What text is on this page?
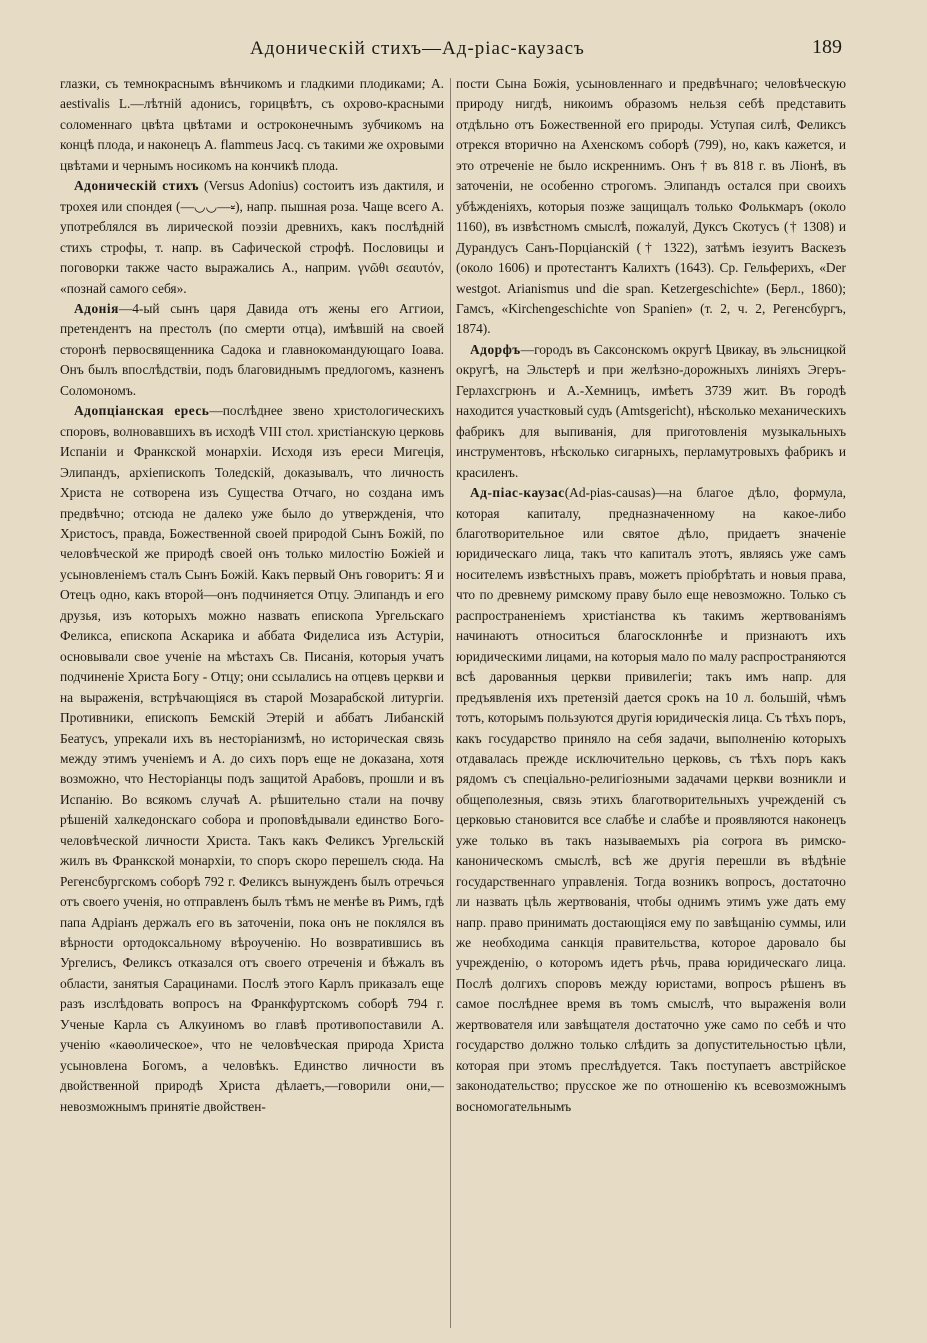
Адоническій стихъ—Ад-ріас-каузасъ	189

глазки, съ темнокраснымъ вѣнчикомъ и гладкими плодиками; A. aestivalis L.—лѣтній адонисъ, горицвѣтъ, съ охрово-красными соломеннаго цвѣта цвѣтами и остроконечнымъ зубчикомъ на концѣ плода, и наконецъ A. flammeus Jacq. съ такими же охровыми цвѣтами и чернымъ носикомъ на кончикѣ плода.

Адоническій стихъ (Versus Adonius) состоитъ изъ дактиля, и трохея или спондея (—◡◡—⏓), напр. пышная роза. Чаще всего А. употреблялся въ лирической поэзіи древнихъ, какъ послѣдній стихъ строфы, т. напр. въ Сафической строфѣ. Пословицы и поговорки также часто выражались А., наприм. γνῶθι σεαυτόν, «познай самого себя».

Адонія—4-ый сынъ царя Давида отъ жены его Аггиои, претендентъ на престолъ (по смерти отца), имѣвшій на своей сторонѣ первосвященника Садока и главнокомандующаго Іоава. Онъ былъ впослѣдствіи, подъ благовиднымъ предлогомъ, казненъ Соломономъ.

Адопціанская ересь—послѣднее звено христологическихъ споровъ, волновавшихъ въ исходѣ VIII стол. христіанскую церковь Испаніи и Франкской монархіи. Исходя изъ ереси Мигеція, Элипандъ, архіепископъ Толедскій, доказывалъ, что личность Христа не сотворена изъ Существа Отчаго, но создана имъ предвѣчно; отсюда не далеко уже было до утвержденія, что Христосъ, правда, Божественной своей природой Сынъ Божій, по человѣческой же природѣ своей онъ только милостію Божіей и усыновленіемъ сталъ Сынъ Божій. Какъ первый Онъ говоритъ: Я и Отецъ одно, какъ второй—онъ подчиняется Отцу. Элипандъ и его друзья, изъ которыхъ можно назвать епископа Ургельскаго Феликса, епископа Аскарика и аббата Фиделиса изъ Астуріи, основывали свое ученіе на мѣстахъ Св. Писанія, которыя учатъ подчиненіе Христа Богу - Отцу; они ссылались на отцевъ церкви и на выраженія, встрѣчающіяся въ старой Мозарабской литургіи. Противники, епископъ Бемскій Этерій и аббатъ Либанскій Беатусъ, упрекали ихъ въ несторіанизмѣ, но историческая связь между этимъ ученіемъ и А. до сихъ поръ еще не доказана, хотя возможно, что Несторіанцы подъ защитой Арабовъ, прошли и въ Испанію. Во всякомъ случаѣ А. рѣшительно стали на почву рѣшеній халкедонскаго собора и проповѣдывали единство Бого-человѣческой личности Христа. Такъ какъ Феликсъ Ургельскій жилъ въ Франкской монархіи, то споръ скоро перешелъ сюда. На Регенсбургскомъ соборѣ 792 г. Феликсъ вынужденъ былъ отречься отъ своего ученія, но отправленъ былъ тѣмъ не менѣе въ Римъ, гдѣ папа Адріанъ держалъ его въ заточеніи, пока онъ не поклялся въ вѣрности ортодоксальному вѣроученію. Но возвратившись въ Ургелисъ, Феликсъ отказался отъ своего отреченія и бѣжалъ въ области, занятыя Сарацинами. Послѣ этого Карлъ приказалъ еще разъ изслѣдовать вопросъ на Франкфуртскомъ соборѣ 794 г. Ученые Карла съ Алкуиномъ во главѣ противопоставили А. ученію «каѳолическое», что не человѣческая природа Христа усыновлена Богомъ, а человѣкъ. Единство личности въ двойственной природѣ Христа дѣлаетъ,—говорили они,—невозможнымъ принятіе двойствен-

пости Сына Божія, усыновленнаго и предвѣчнаго; человѣческую природу нигдѣ, никоимъ образомъ нельзя себѣ представить отдѣльно отъ Божественной его природы. Уступая силѣ, Феликсъ отрекся вторично на Ахенскомъ соборѣ (799), но, какъ кажется, и это отреченіе не было искреннимъ. Онъ † въ 818 г. въ Ліонѣ, въ заточеніи, не особенно строгомъ. Элипандъ остался при своихъ убѣжденіяхъ, которыя позже защищалъ только Фолькмаръ (около 1160), въ извѣстномъ смыслѣ, пожалуй, Дуксъ Скотусъ († 1308) и Дурандусъ Санъ-Порціанскій († 1322), затѣмъ іезуитъ Васкезъ (около 1606) и протестантъ Калихтъ (1643). Ср. Гельферихъ, «Der westgot. Arianismus und die span. Ketzergeschichte» (Берл., 1860); Гамсъ, «Kirchengeschichte von Spanien» (т. 2, ч. 2, Регенсбургъ, 1874).

Адорфъ—городъ въ Саксонскомъ округѣ Цвикау, въ эльсницкой округѣ, на Эльстерѣ и при желѣзно-дорожныхъ линіяхъ Эгеръ-Герлахсгрюнъ и А.-Хемницъ, имѣетъ 3739 жит. Въ городѣ находится участковый судъ (Amtsgericht), нѣсколько механическихъ фабрикъ для выпиванія, для приготовленія музыкальныхъ инструментовъ, нѣсколько сигарныхъ, перламутровыхъ фабрикъ и красиленъ.

Ад-піас-каузас(Ad-pias-causas)—на благое дѣло, формула, которая капиталу, предназначенному на какое-либо благотворительное или святое дѣло, придаетъ значеніе юридическаго лица, такъ что капиталъ этотъ, являясь уже самъ носителемъ извѣстныхъ правъ, можетъ пріобрѣтать и новыя права, что по древнему римскому праву было еще невозможно. Только съ распространеніемъ христіанства къ такимъ жертвованіямъ начинаютъ относиться благосклоннѣе и признаютъ ихъ юридическими лицами, на которыя мало по малу распространяются всѣ дарованныя церкви привилегіи; такъ имъ напр. для предъявленія ихъ претензій дается срокъ на 10 л. большій, чѣмъ тотъ, которымъ пользуются другія юридическія лица. Съ тѣхъ поръ, какъ государство приняло на себя задачи, выполненію которыхъ отдавалась прежде исключительно церковь, съ тѣхъ поръ какъ рядомъ съ спеціально-религіозными задачами церкви возникли и общеполезныя, связь этихъ благотворительныхъ учрежденій съ церковью становится все слабѣе и слабѣе и проявляются наконецъ уже только въ такъ называемыхъ pia corpora въ римско-каноническомъ смыслѣ, всѣ же другія перешли въ вѣдѣніе государственнаго управленія. Тогда возникъ вопросъ, достаточно ли назвать цѣль жертвованія, чтобы однимъ этимъ уже дать ему напр. право принимать достающіяся ему по завѣщанію суммы, или же необходима санкція правительства, которое даровало бы учрежденію, о которомъ идетъ рѣчь, права юридическаго лица. Послѣ долгихъ споровъ между юристами, вопросъ рѣшенъ въ самое послѣднее время въ томъ смыслѣ, что выраженія воли жертвователя или завѣщателя достаточно уже само по себѣ и что государство должно только слѣдить за допустительностью цѣли, которая при этомъ преслѣдуется. Такъ поступаетъ австрійское законодательство; прусское же по отношенію къ всевозможнымъ восномогательнымъ
